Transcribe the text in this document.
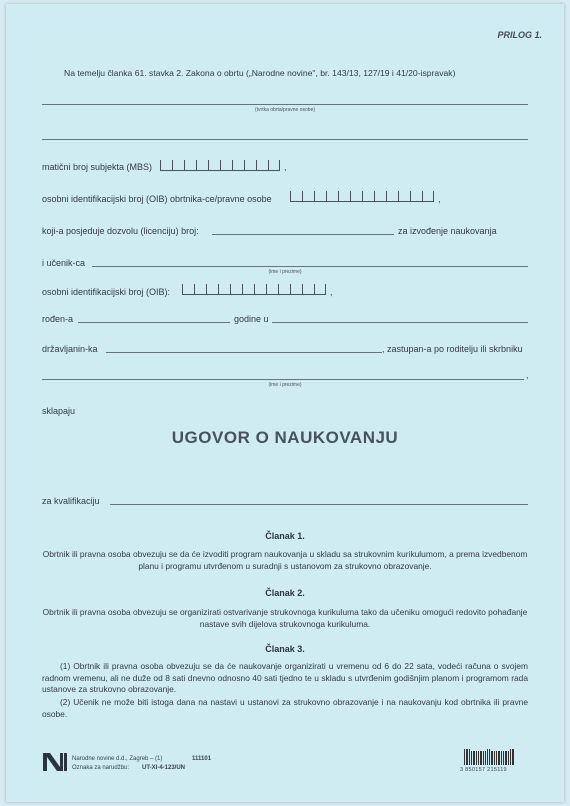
PRILOG 1.
Na temelju članka 61. stavka 2. Zakona o obrtu („Narodne novine", br. 143/13, 127/19 i 41/20-ispravak)
(tvrtka obrta/pravne osobe)
matični broj subjekta (MBS)	,
osobni identifikacijski broj (OIB) obrtnika-ce/pravne osobe	,
koji-a posjeduje dozvolu (licenciju) broj:	za izvođenje naukovanja
i učenik-ca
(ime i prezime)
osobni identifikacijski broj (OIB):	,
rođen-a	godine u
državljanin-ka	, zastupan-a po roditelju ili skrbniku
,
(ime i prezime)
sklapaju
UGOVOR O NAUKOVANJU
za kvalifikaciju
Članak 1.
Obrtnik ili pravna osoba obvezuju se da će izvoditi program naukovanja u skladu sa strukovnim kurikulumom, a prema izvedbenom planu i programu utvrđenom u suradnji s ustanovom za strukovno obrazovanje.
Članak 2.
Obrtnik ili pravna osoba obvezuju se organizirati ostvarivanje strukovnoga kurikuluma tako da učeniku omogući redovito pohađanje nastave svih dijelova strukovnoga kurikuluma.
Članak 3.
(1) Obrtnik ili pravna osoba obvezuju se da će naukovanje organizirati u vremenu od 6 do 22 sata, vodeći računa o svojem radnom vremenu, ali ne duže od 8 sati dnevno odnosno 40 sati tjedno te u skladu s utvrđenim godišnjim planom i programom rada ustanove za strukovno obrazovanje.
(2) Učenik ne može biti istoga dana na nastavi u ustanovi za strukovno obrazovanje i na naukovanju kod obrtnika ili pravne osobe.
Narodne novine d.d., Zagreb – (1)	111101
Oznaka za narudžbu: UT-XI-4-123/UN	3 850157 215119
